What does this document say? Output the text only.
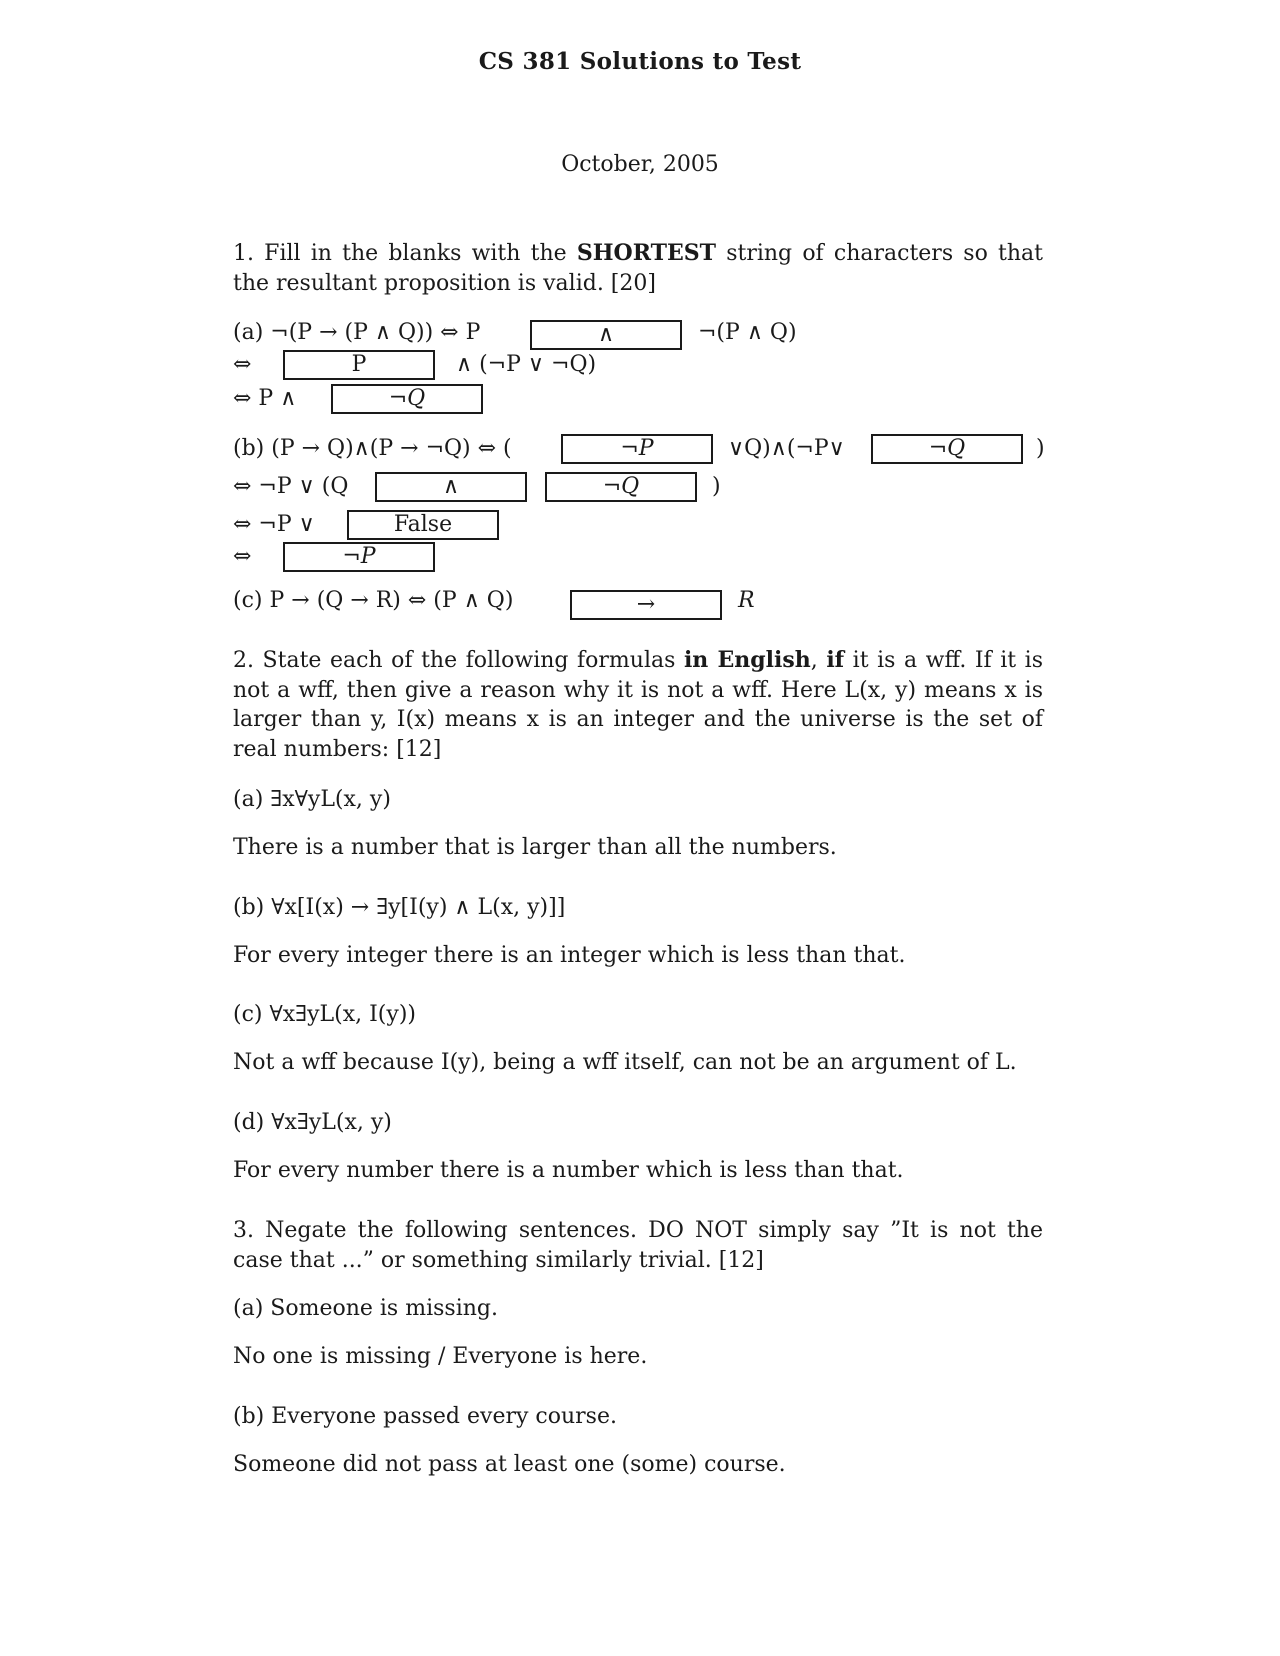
CS 381 Solutions to Test
October, 2005
1. Fill in the blanks with the SHORTEST string of characters so that the resultant proposition is valid. [20]
(a) ¬(P → (P ∧ Q)) ⇔ P	∧	¬(P ∧ Q)
⇔	P	∧ (¬P ∨ ¬Q)
⇔ P ∧	¬Q
(b) (P → Q)∧(P → ¬Q) ⇔ (	¬P	∨Q)∧(¬P∨	¬Q	)
⇔ ¬P ∨ (Q	∧	¬Q	)
⇔ ¬P ∨	False
⇔	¬P
(c) P → (Q → R) ⇔ (P ∧ Q)	→	R
2. State each of the following formulas in English, if it is a wff. If it is not a wff, then give a reason why it is not a wff. Here L(x, y) means x is larger than y, I(x) means x is an integer and the universe is the set of real numbers: [12]
(a) ∃x∀yL(x, y)
There is a number that is larger than all the numbers.
(b) ∀x[I(x) → ∃y[I(y) ∧ L(x, y)]]
For every integer there is an integer which is less than that.
(c) ∀x∃yL(x, I(y))
Not a wff because I(y), being a wff itself, can not be an argument of L.
(d) ∀x∃yL(x, y)
For every number there is a number which is less than that.
3. Negate the following sentences. DO NOT simply say ”It is not the case that ...” or something similarly trivial. [12]
(a) Someone is missing.
No one is missing / Everyone is here.
(b) Everyone passed every course.
Someone did not pass at least one (some) course.
